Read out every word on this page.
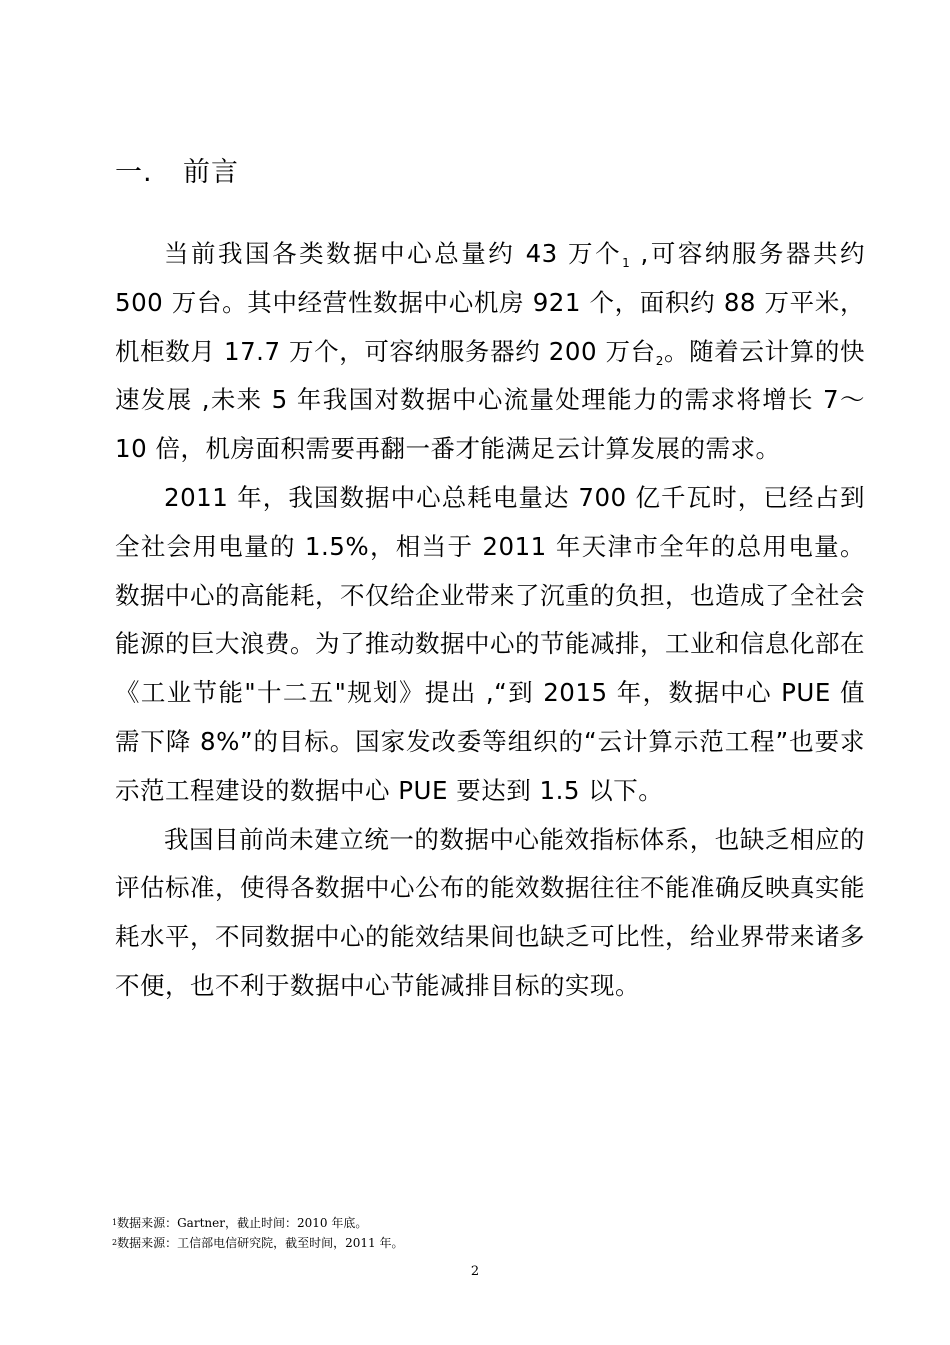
一. 前言

当前我国各类数据中心总量约 43 万个$_1$ ,可容纳服务器共约 500 万台。其中经营性数据中心机房 921 个，面积约 88 万平米，机柜数月 17.7 万个，可容纳服务器约 200 万台$_2$。随着云计算的快速发展 ,未来 5 年我国对数据中心流量处理能力的需求将增长 7～10 倍，机房面积需要再翻一番才能满足云计算发展的需求。

2011 年，我国数据中心总耗电量达 700 亿千瓦时，已经占到全社会用电量的 1.5%，相当于 2011 年天津市全年的总用电量。数据中心的高能耗，不仅给企业带来了沉重的负担，也造成了全社会能源的巨大浪费。为了推动数据中心的节能减排，工业和信息化部在《工业节能"十二五"规划》提出 ,“到 2015 年，数据中心 PUE 值需下降 8%”的目标。国家发改委等组织的“云计算示范工程”也要求示范工程建设的数据中心 PUE 要达到 1.5 以下。

我国目前尚未建立统一的数据中心能效指标体系，也缺乏相应的评估标准，使得各数据中心公布的能效数据往往不能准确反映真实能耗水平，不同数据中心的能效结果间也缺乏可比性，给业界带来诸多不便，也不利于数据中心节能减排目标的实现。

1数据来源：Gartner，截止时间：2010 年底。
2数据来源：工信部电信研究院，截至时间，2011 年。
2
